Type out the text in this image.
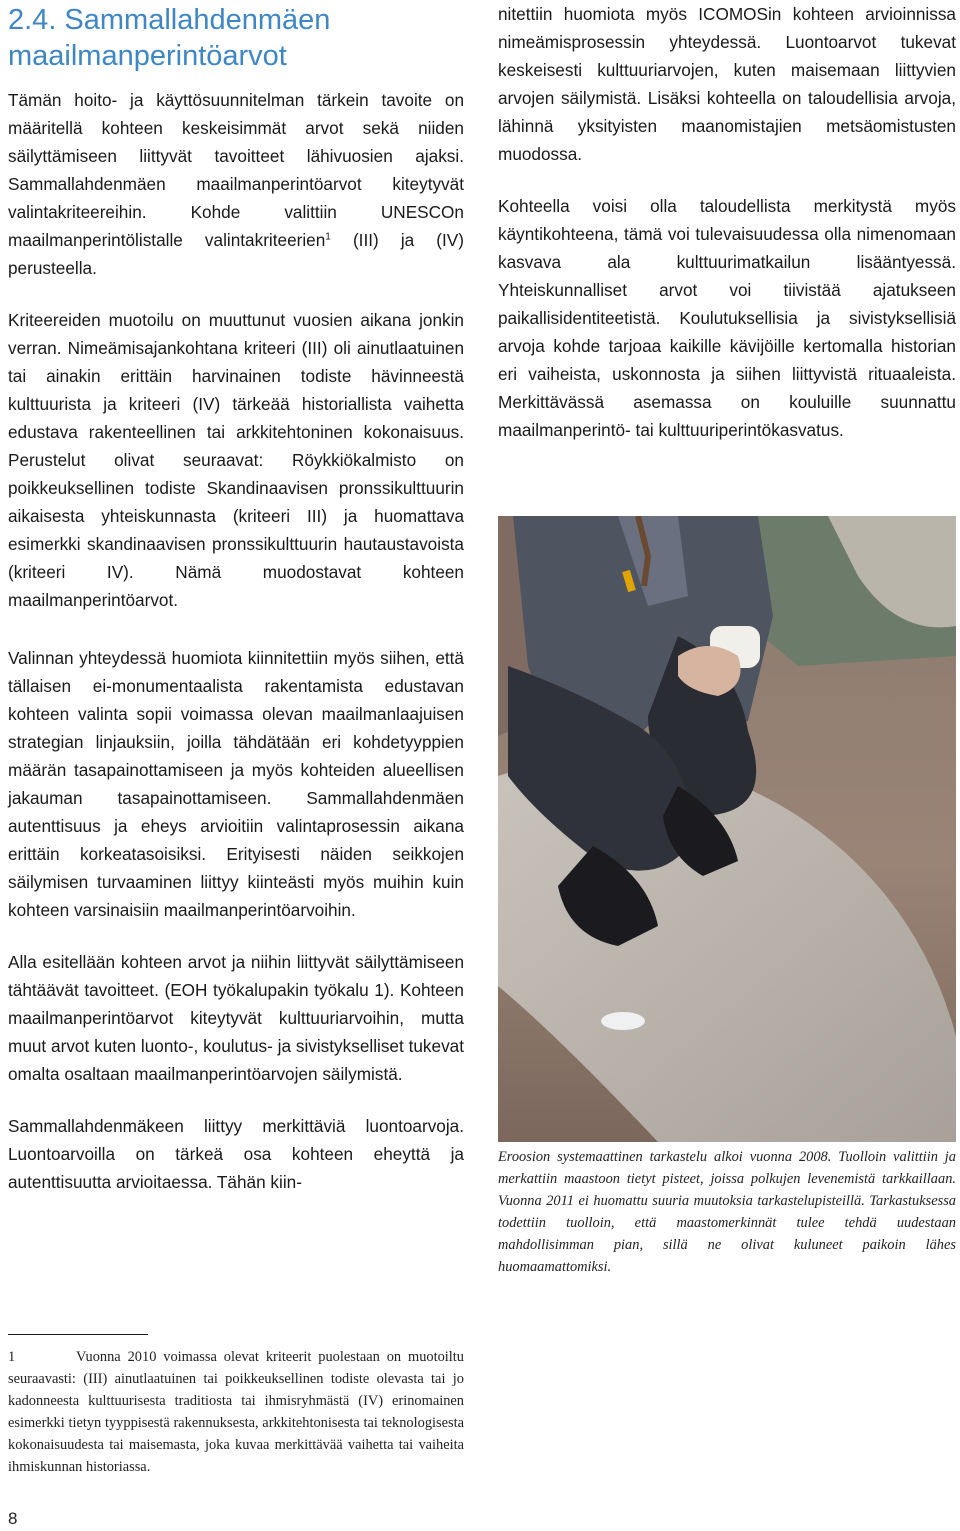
2.4. Sammallahdenmäen maailmanperintöarvot

Tämän hoito- ja käyttösuunnitelman tärkein tavoite on määritellä kohteen keskeisimmät arvot sekä niiden säilyttämiseen liittyvät tavoitteet lähivuosien ajaksi. Sammallahdenmäen maailmanperintöarvot kiteytyvät valintakriteereihin. Kohde valittiin UNESCOn maailmanperintölistalle valintakriteerien$^1$ (III) ja (IV) perusteella.

Kriteereiden muotoilu on muuttunut vuosien aikana jonkin verran. Nimeämisajankohtana kriteeri (III) oli ainutlaatuinen tai ainakin erittäin harvinainen todiste hävinneestä kulttuurista ja kriteeri (IV) tärkeää historiallista vaihetta edustava rakenteellinen tai arkkitehtoninen kokonaisuus. Perustelut olivat seuraavat: Röykkiökalmisto on poikkeuksellinen todiste Skandinaavisen pronssikulttuurin aikaisesta yhteiskunnasta (kriteeri III) ja huomattava esimerkki skandinaavisen pronssikulttuurin hautaustavoista (kriteeri IV). Nämä muodostavat kohteen maailmanperintöarvot.

Valinnan yhteydessä huomiota kiinnitettiin myös siihen, että tällaisen ei-monumentaalista rakentamista edustavan kohteen valinta sopii voimassa olevan maailmanlaajuisen strategian linjauksiin, joilla tähdätään eri kohdetyyppien määrän tasapainottamiseen ja myös kohteiden alueellisen jakauman tasapainottamiseen. Sammallahdenmäen autenttisuus ja eheys arvioitiin valintaprosessin aikana erittäin korkeatasoisiksi. Erityisesti näiden seikkojen säilymisen turvaaminen liittyy kiinteästi myös muihin kuin kohteen varsinaisiin maailmanperintöarvoihin.

Alla esitellään kohteen arvot ja niihin liittyvät säilyttämiseen tähtäävät tavoitteet. (EOH työkalupakin työkalu 1). Kohteen maailmanperintöarvot kiteytyvät kulttuuriarvoihin, mutta muut arvot kuten luonto-, koulutus- ja sivistykselliset tukevat omalta osaltaan maailmanperintöarvojen säilymistä.

Sammallahdenmäkeen liittyy merkittäviä luontoarvoja. Luontoarvoilla on tärkeä osa kohteen eheyttä ja autenttisuutta arvioitaessa. Tähän kiin-

nitettiin huomiota myös ICOMOSin kohteen arvioinnissa nimeämisprosessin yhteydessä. Luontoarvot tukevat keskeisesti kulttuuriarvojen, kuten maisemaan liittyvien arvojen säilymistä. Lisäksi kohteella on taloudellisia arvoja, lähinnä yksityisten maanomistajien metsäomistusten muodossa.

Kohteella voisi olla taloudellista merkitystä myös käyntikohteena, tämä voi tulevaisuudessa olla nimenomaan kasvava ala kulttuurimatkailun lisääntyessä. Yhteiskunnalliset arvot voi tiivistää ajatukseen paikallisidentiteetistä. Koulutuksellisia ja sivistyksellisiä arvoja kohde tarjoaa kaikille kävijöille kertomalla historian eri vaiheista, uskonnosta ja siihen liittyvistä rituaaleista. Merkittävässä asemassa on kouluille suunnattu maailmanperintö- tai kulttuuriperintökasvatus.

Eroosion systemaattinen tarkastelu alkoi vuonna 2008. Tuolloin valittiin ja merkattiin maastoon tietyt pisteet, joissa polkujen levenemistä tarkkaillaan. Vuonna 2011 ei huomattu suuria muutoksia tarkastelupisteillä. Tarkastuksessa todettiin tuolloin, että maastomerkinnät tulee tehdä uudestaan mahdollisimman pian, sillä ne olivat kuluneet paikoin lähes huomaamattomiksi.

1	Vuonna 2010 voimassa olevat kriteerit puolestaan on muotoiltu seuraavasti: (III) ainutlaatuinen tai poikkeuksellinen todiste olevasta tai jo kadonneesta kulttuurisesta traditiosta tai ihmisryhmästä (IV) erinomainen esimerkki tietyn tyyppisestä rakennuksesta, arkkitehtonisesta tai teknologisesta kokonaisuudesta tai maisemasta, joka kuvaa merkittävää vaihetta tai vaiheita ihmiskunnan historiassa.

8
